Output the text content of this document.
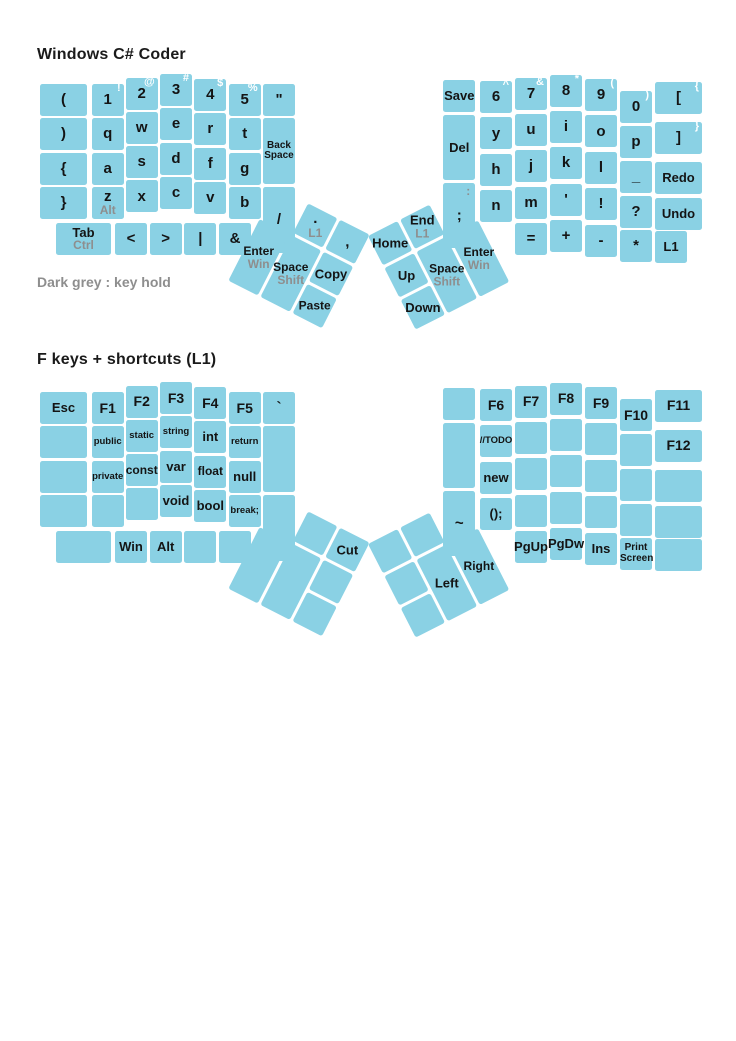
Windows C# Coder
Dark grey : key hold
F keys + shortcuts (L1)
(
)
{
}
1
!
q
a
z
Alt
2
@
w
s
x
3
#
e
d
c
4
$
r
f
v
5
%
t
g
b
"
Back Space
/
Tab
Ctrl < > | &
Save
Del
;
:
6
^
y
h
n
7
&
u
j
m
=
8
*
i
k
'
+
9
(
o
l
!
-
0
)
p
_
?
*
[
{
]
}
Redo
Undo
L1
.
L1 ,
Enter
Win Space
Shift Copy
Paste
Home
End
L1
Up
Down
Space
Shift
Enter
Win
Esc F1
public
private
F2
static
const
F3
string
var
void
F4
int
float
bool
F5
return
null
break;
`
Win Alt
~
F6
//TODO
new
();
F7
PgUp
F8
PgDw
F9
Ins
F10
Print Screen
F11
F12
Cut
Left
Right
